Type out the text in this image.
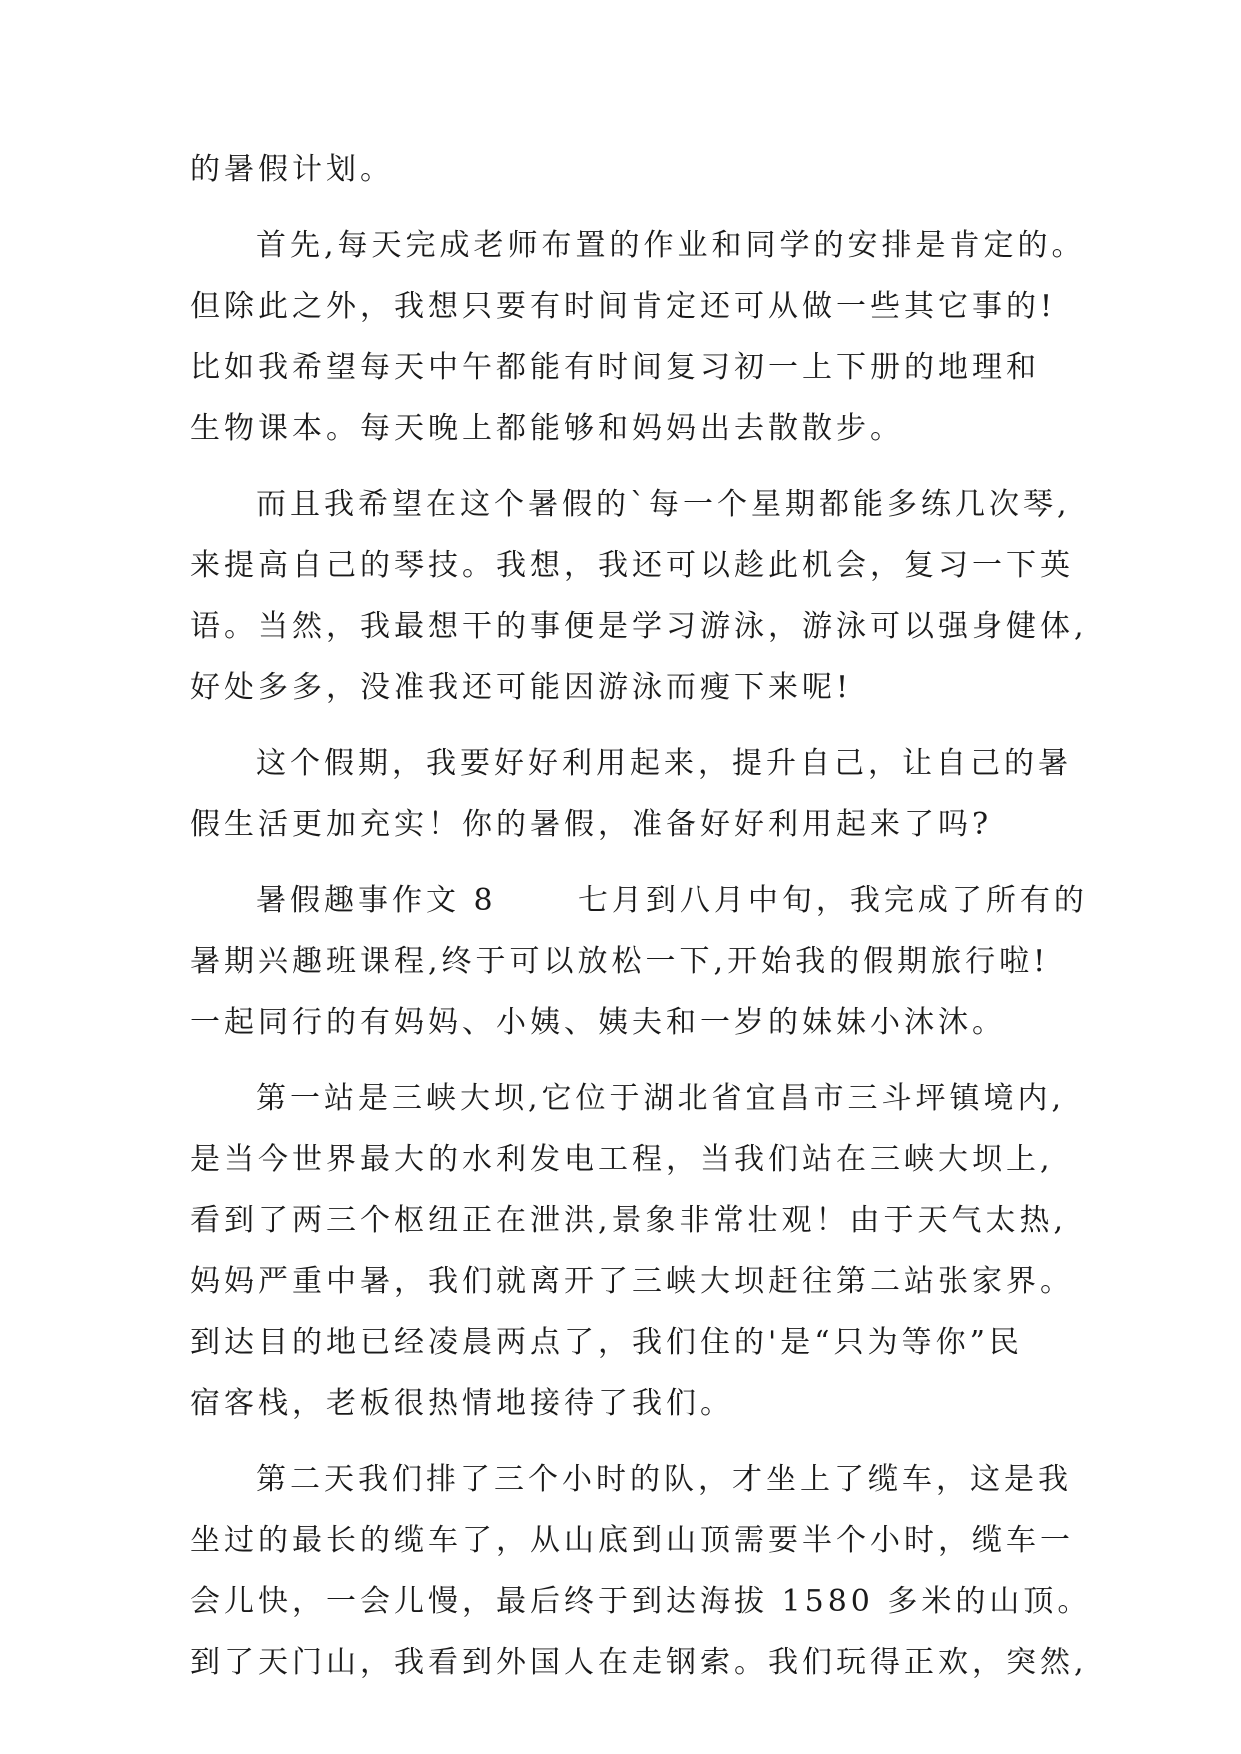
的暑假计划。
首先,每天完成老师布置的作业和同学的安排是肯定的。
但除此之外，我想只要有时间肯定还可从做一些其它事的!
比如我希望每天中午都能有时间复习初一上下册的地理和
生物课本。每天晚上都能够和妈妈出去散散步。
而且我希望在这个暑假的`每一个星期都能多练几次琴,
来提高自己的琴技。我想，我还可以趁此机会，复习一下英
语。当然，我最想干的事便是学习游泳，游泳可以强身健体,
好处多多，没准我还可能因游泳而瘦下来呢!
这个假期，我要好好利用起来，提升自己，让自己的暑
假生活更加充实！你的暑假，准备好好利用起来了吗?
暑假趣事作文 8      七月到八月中旬，我完成了所有的
暑期兴趣班课程,终于可以放松一下,开始我的假期旅行啦!
一起同行的有妈妈、小姨、姨夫和一岁的妹妹小沐沐。
第一站是三峡大坝,它位于湖北省宜昌市三斗坪镇境内,
是当今世界最大的水利发电工程，当我们站在三峡大坝上,
看到了两三个枢纽正在泄洪,景象非常壮观！由于天气太热,
妈妈严重中暑，我们就离开了三峡大坝赶往第二站张家界。
到达目的地已经凌晨两点了，我们住的'是“只为等你”民
宿客栈，老板很热情地接待了我们。
第二天我们排了三个小时的队，才坐上了缆车，这是我
坐过的最长的缆车了，从山底到山顶需要半个小时，缆车一
会儿快，一会儿慢，最后终于到达海拔 1580 多米的山顶。
到了天门山，我看到外国人在走钢索。我们玩得正欢，突然,
